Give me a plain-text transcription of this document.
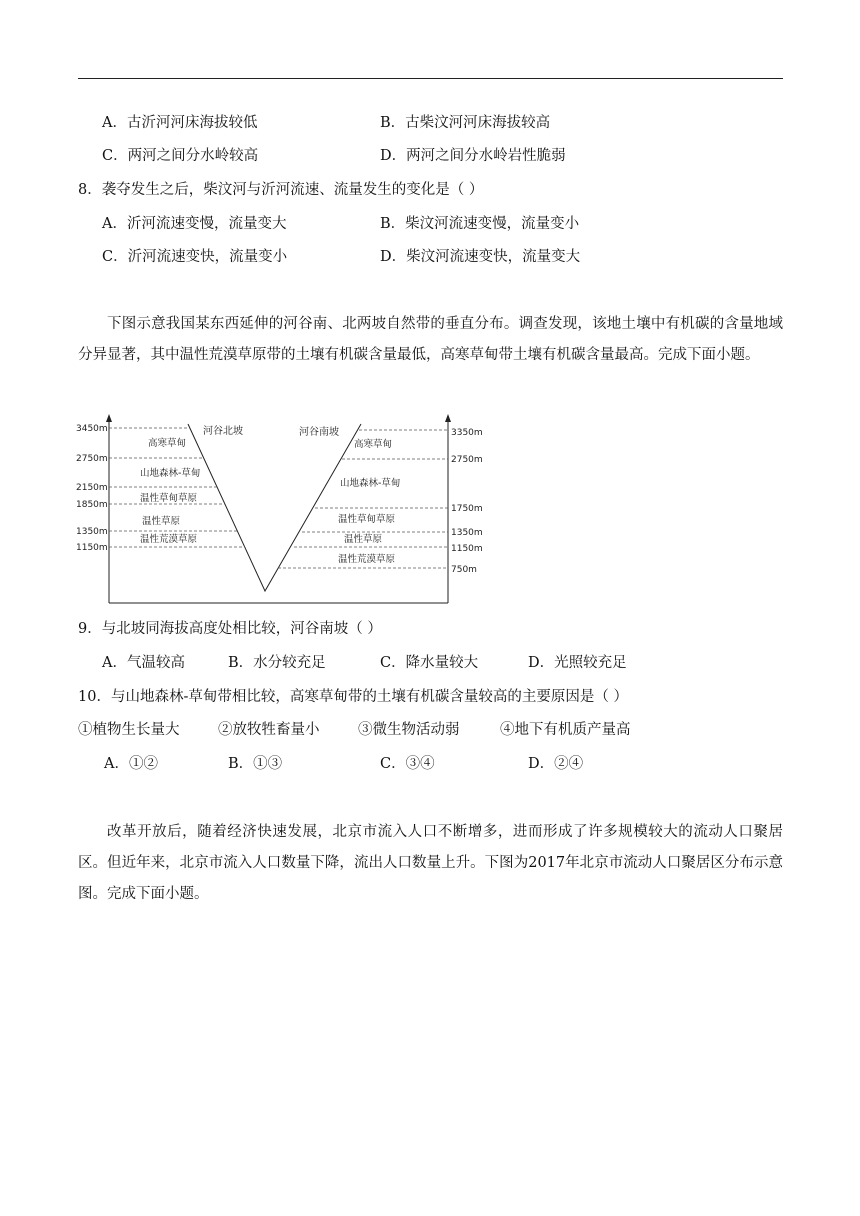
A．古沂河河床海拔较低	B．古柴汶河河床海拔较高
C．两河之间分水岭较高	D．两河之间分水岭岩性脆弱
8．袭夺发生之后，柴汶河与沂河流速、流量发生的变化是（ ）
A．沂河流速变慢，流量变大	B．柴汶河流速变慢，流量变小
C．沂河流速变快，流量变小	D．柴汶河流速变快，流量变大
下图示意我国某东西延伸的河谷南、北两坡自然带的垂直分布。调查发现，该地土壤中有机碳的含量地域分异显著，其中温性荒漠草原带的土壤有机碳含量最低，高寒草甸带土壤有机碳含量最高。完成下面小题。
3450m
2750m
2150m
1850m
1350m
1150m
3350m
2750m
1750m
1350m
1150m
750m
河谷北坡	河谷南坡
高寒草甸
山地森林-草甸
温性草甸草原
温性草原
温性荒漠草原
高寒草甸
山地森林-草甸
温性草甸草原
温性草原
温性荒漠草原
9．与北坡同海拔高度处相比较，河谷南坡（ ）
A．气温较高	B．水分较充足	C．降水量较大	D．光照较充足
10．与山地森林-草甸带相比较，高寒草甸带的土壤有机碳含量较高的主要原因是（ ）
①植物生长量大	②放牧牲畜量小	③微生物活动弱	④地下有机质产量高
A．①②	B．①③	C．③④	D．②④
改革开放后，随着经济快速发展，北京市流入人口不断增多，进而形成了许多规模较大的流动人口聚居区。但近年来，北京市流入人口数量下降，流出人口数量上升。下图为2017年北京市流动人口聚居区分布示意图。完成下面小题。
